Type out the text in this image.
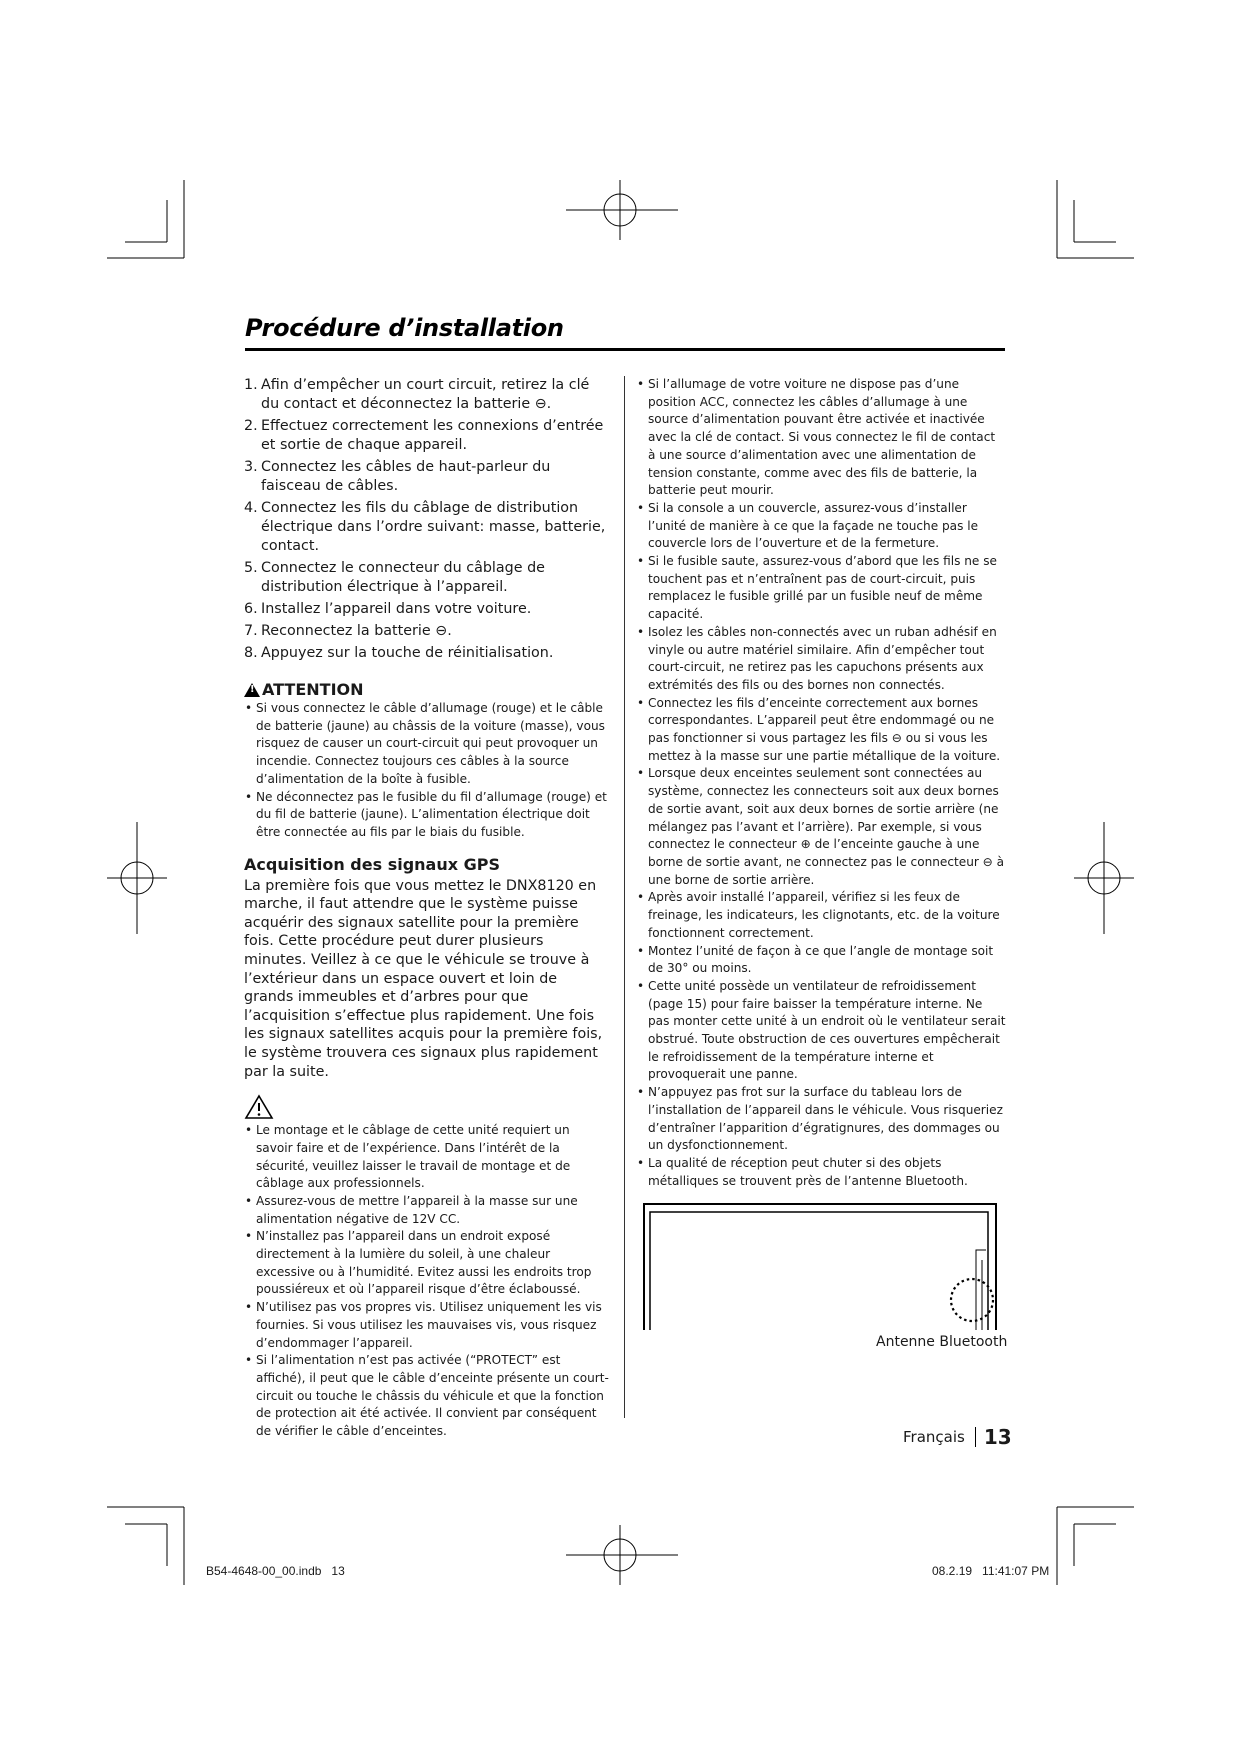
Procédure d’installation
1. Afin d’empêcher un court circuit, retirez la clé du contact et déconnectez la batterie ⊖.
2. Effectuez correctement les connexions d’entrée et sortie de chaque appareil.
3. Connectez les câbles de haut-parleur du faisceau de câbles.
4. Connectez les fils du câblage de distribution électrique dans l’ordre suivant: masse, batterie, contact.
5. Connectez le connecteur du câblage de distribution électrique à l’appareil.
6. Installez l’appareil dans votre voiture.
7. Reconnectez la batterie ⊖.
8. Appuyez sur la touche de réinitialisation.
!
ATTENTION
• Si vous connectez le câble d’allumage (rouge) et le câble de batterie (jaune) au châssis de la voiture (masse), vous risquez de causer un court-circuit qui peut provoquer un incendie. Connectez toujours ces câbles à la source d’alimentation de la boîte à fusible.
• Ne déconnectez pas le fusible du fil d’allumage (rouge) et du fil de batterie (jaune). L’alimentation électrique doit être connectée au fils par le biais du fusible.
Acquisition des signaux GPS
La première fois que vous mettez le DNX8120 en marche, il faut attendre que le système puisse acquérir des signaux satellite pour la première fois. Cette procédure peut durer plusieurs minutes. Veillez à ce que le véhicule se trouve à l’extérieur dans un espace ouvert et loin de grands immeubles et d’arbres pour que l’acquisition s’effectue plus rapidement. Une fois les signaux satellites acquis pour la première fois, le système trouvera ces signaux plus rapidement par la suite.
• Le montage et le câblage de cette unité requiert un savoir faire et de l’expérience. Dans l’intérêt de la sécurité, veuillez laisser le travail de montage et de câblage aux professionnels.
• Assurez-vous de mettre l’appareil à la masse sur une alimentation négative de 12V CC.
• N’installez pas l’appareil dans un endroit exposé directement à la lumière du soleil, à une chaleur excessive ou à l’humidité. Evitez aussi les endroits trop poussiéreux et où l’appareil risque d’être éclaboussé.
• N’utilisez pas vos propres vis. Utilisez uniquement les vis fournies. Si vous utilisez les mauvaises vis, vous risquez d’endommager l’appareil.
• Si l’alimentation n’est pas activée (“PROTECT” est affiché), il peut que le câble d’enceinte présente un court-circuit ou touche le châssis du véhicule et que la fonction de protection ait été activée. Il convient par conséquent de vérifier le câble d’enceintes.
• Si l’allumage de votre voiture ne dispose pas d’une position ACC, connectez les câbles d’allumage à une source d’alimentation pouvant être activée et inactivée avec la clé de contact. Si vous connectez le fil de contact à une source d’alimentation avec une alimentation de tension constante, comme avec des fils de batterie, la batterie peut mourir.
• Si la console a un couvercle, assurez-vous d’installer l’unité de manière à ce que la façade ne touche pas le couvercle lors de l’ouverture et de la fermeture.
• Si le fusible saute, assurez-vous d’abord que les fils ne se touchent pas et n’entraînent pas de court-circuit, puis remplacez le fusible grillé par un fusible neuf de même capacité.
• Isolez les câbles non-connectés avec un ruban adhésif en vinyle ou autre matériel similaire. Afin d’empêcher tout court-circuit, ne retirez pas les capuchons présents aux extrémités des fils ou des bornes non connectés.
• Connectez les fils d’enceinte correctement aux bornes correspondantes. L’appareil peut être endommagé ou ne pas fonctionner si vous partagez les fils ⊖ ou si vous les mettez à la masse sur une partie métallique de la voiture.
• Lorsque deux enceintes seulement sont connectées au système, connectez les connecteurs soit aux deux bornes de sortie avant, soit aux deux bornes de sortie arrière (ne mélangez pas l’avant et l’arrière). Par exemple, si vous connectez le connecteur ⊕ de l’enceinte gauche à une borne de sortie avant, ne connectez pas le connecteur ⊖ à une borne de sortie arrière.
• Après avoir installé l’appareil, vérifiez si les feux de freinage, les indicateurs, les clignotants, etc. de la voiture fonctionnent correctement.
• Montez l’unité de façon à ce que l’angle de montage soit de 30° ou moins.
• Cette unité possède un ventilateur de refroidissement (page 15) pour faire baisser la température interne. Ne pas monter cette unité à un endroit où le ventilateur serait obstrué. Toute obstruction de ces ouvertures empêcherait le refroidissement de la température interne et provoquerait une panne.
• N’appuyez pas frot sur la surface du tableau lors de l’installation de l’appareil dans le véhicule. Vous risqueriez d’entraîner l’apparition d’égratignures, des dommages ou un dysfonctionnement.
• La qualité de réception peut chuter si des objets métalliques se trouvent près de l’antenne Bluetooth.
Antenne Bluetooth
Français 13
B54-4648-00_00.indb   13	08.2.19   11:41:07 PM
